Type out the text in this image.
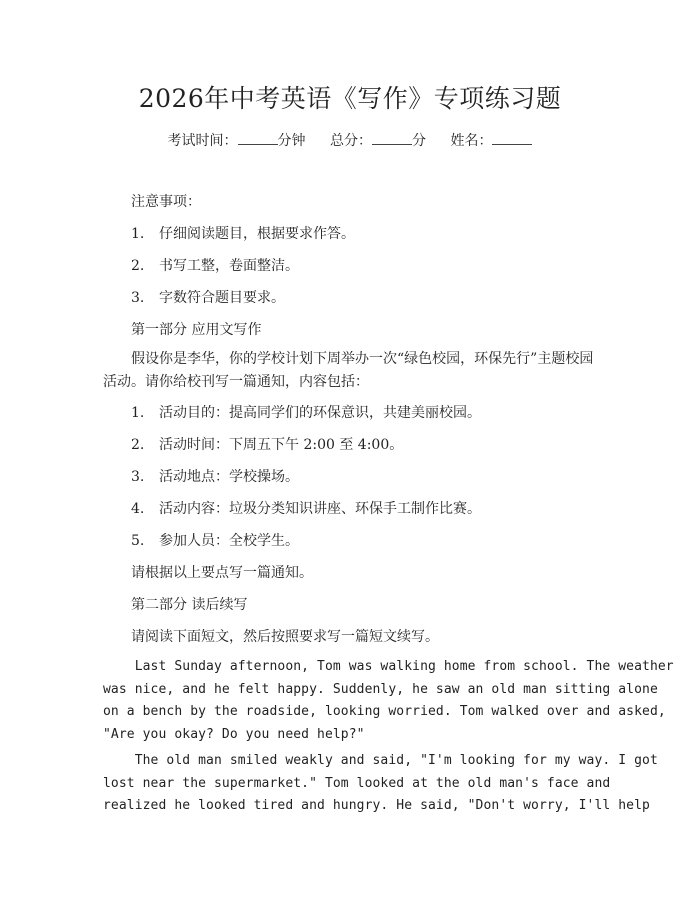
2026年中考英语《写作》专项练习题
考试时间：	分钟 总分：	分 姓名：
注意事项：
1. 仔细阅读题目，根据要求作答。
2. 书写工整，卷面整洁。
3. 字数符合题目要求。
第一部分 应用文写作
假设你是李华，你的学校计划下周举办一次“绿色校园，环保先行”主题校园
活动。请你给校刊写一篇通知，内容包括：
1. 活动目的：提高同学们的环保意识，共建美丽校园。
2. 活动时间：下周五下午 2:00 至 4:00。
3. 活动地点：学校操场。
4. 活动内容：垃圾分类知识讲座、环保手工制作比赛。
5. 参加人员：全校学生。
请根据以上要点写一篇通知。
第二部分 读后续写
请阅读下面短文，然后按照要求写一篇短文续写。
Last Sunday afternoon, Tom was walking home from school. The weather
was nice, and he felt happy. Suddenly, he saw an old man sitting alone
on a bench by the roadside, looking worried. Tom walked over and asked,
"Are you okay? Do you need help?"
The old man smiled weakly and said, "I'm looking for my way. I got
lost near the supermarket." Tom looked at the old man's face and
realized he looked tired and hungry. He said, "Don't worry, I'll help
